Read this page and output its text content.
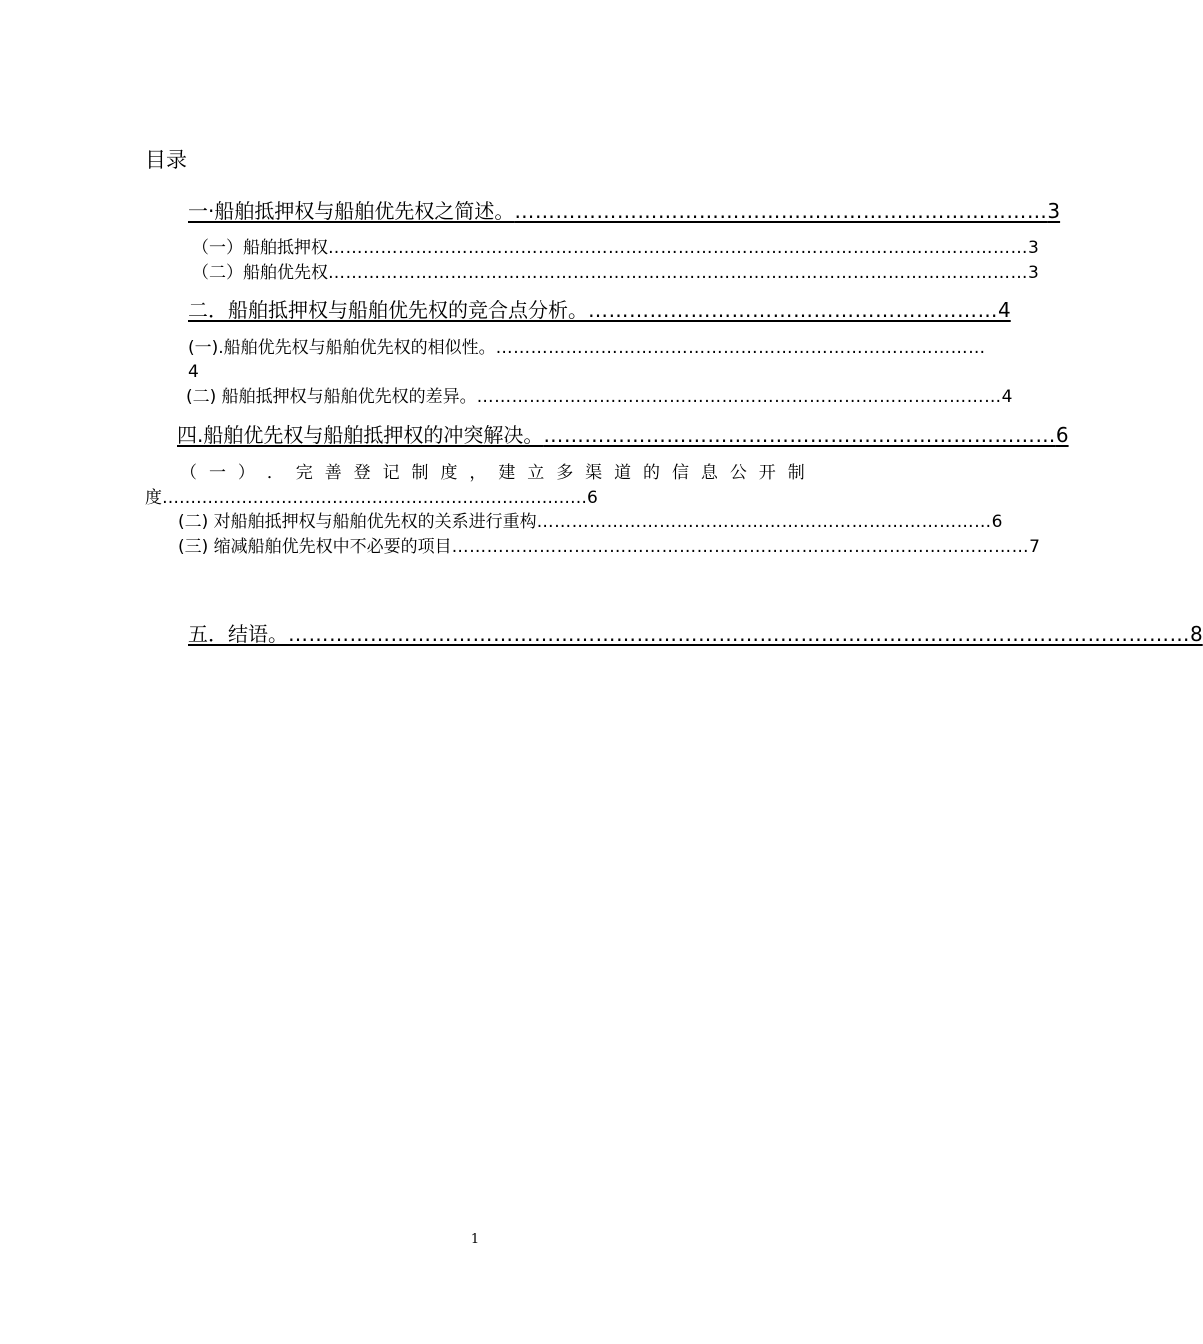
目录
一·船舶抵押权与船舶优先权之简述。 …………………………………………………………………… 3
（一）船舶抵押权 ………………………………………………………………………………………………………… 3
（二）船舶优先权 ………………………………………………………………………………………………………… 3
二．船舶抵押权与船舶优先权的竞合点分析。 …………………………………………………… 4
(一).船舶优先权与船舶优先权的相似性。 …………………………………………………………………………
4
(二) 船舶抵押权与船舶优先权的差异。 ……………………………………………………………………………… 4
四.船舶优先权与船舶抵押权的冲突解决。 ………………………………………………………………… 6
（ 一 ） ． 完 善 登 记 制 度 ， 建 立 多 渠 道 的 信 息 公 开 制
度…………………………………………………………………6
(二) 对船舶抵押权与船舶优先权的关系进行重构 …………………………………………………………………… 6
(三) 缩减船舶优先权中不必要的项目 ……………………………………………………………………………………… 7
五．结语。 …………………………………………………………………………………………………………………… 8
1
